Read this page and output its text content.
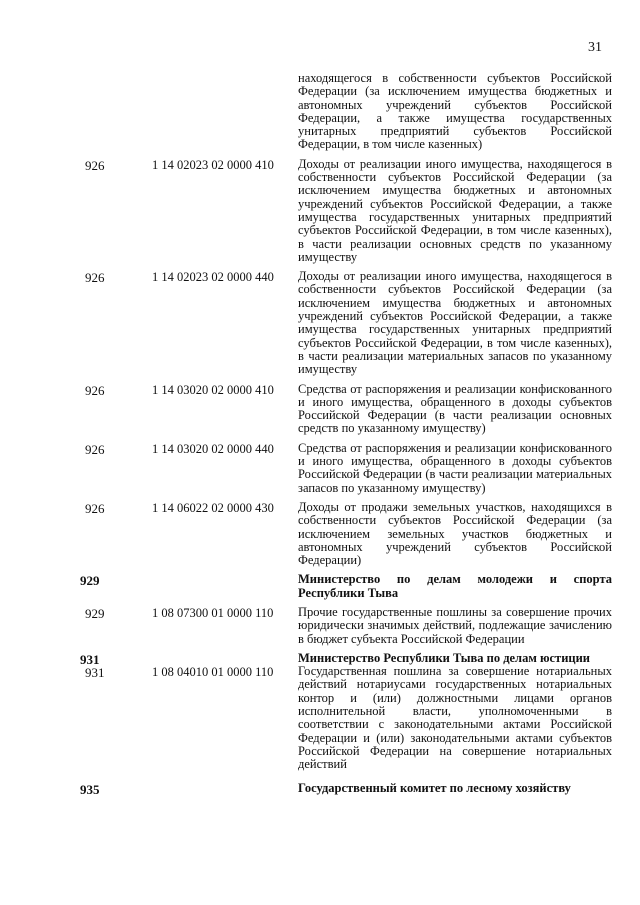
31
находящегося в собственности субъектов Российской Федерации (за исключением имущества бюджетных и автономных учреждений субъектов Российской Федерации, а также имущества государственных унитарных предприятий субъектов Российской Федерации, в том числе казенных)
926	1 14 02023 02 0000 410 Доходы от реализации иного имущества, находящегося в собственности субъектов Российской Федерации (за исключением имущества бюджетных и автономных учреждений субъектов Российской Федерации, а также имущества государственных унитарных предприятий субъектов Российской Федерации, в том числе казенных), в части реализации основных средств по указанному имуществу
926	1 14 02023 02 0000 440 Доходы от реализации иного имущества, находящегося в собственности субъектов Российской Федерации (за исключением имущества бюджетных и автономных учреждений субъектов Российской Федерации, а также имущества государственных унитарных предприятий субъектов Российской Федерации, в том числе казенных), в части реализации материальных запасов по указанному имуществу
926	1 14 03020 02 0000 410 Средства от распоряжения и реализации конфискованного и иного имущества, обращенного в доходы субъектов Российской Федерации (в части реализации основных средств по указанному имуществу)
926	1 14 03020 02 0000 440 Средства от распоряжения и реализации конфискованного и иного имущества, обращенного в доходы субъектов Российской Федерации (в части реализации материальных запасов по указанному имуществу)
926	1 14 06022 02 0000 430 Доходы от продажи земельных участков, находящихся в собственности субъектов Российской Федерации (за исключением земельных участков бюджетных и автономных учреждений субъектов Российской Федерации)
929	Министерство по делам молодежи и спорта Республики Тыва
929	1 08 07300 01 0000 110 Прочие государственные пошлины за совершение прочих юридически значимых действий, подлежащие зачислению в бюджет субъекта Российской Федерации
931	Министерство Республики Тыва по делам юстиции
931	1 08 04010 01 0000 110 Государственная пошлина за совершение нотариальных действий нотариусами государственных нотариальных контор и (или) должностными лицами органов исполнительной власти, уполномоченными в соответствии с законодательными актами Российской Федерации и (или) законодательными актами субъектов Российской Федерации на совершение нотариальных действий
935	Государственный комитет по лесному хозяйству
